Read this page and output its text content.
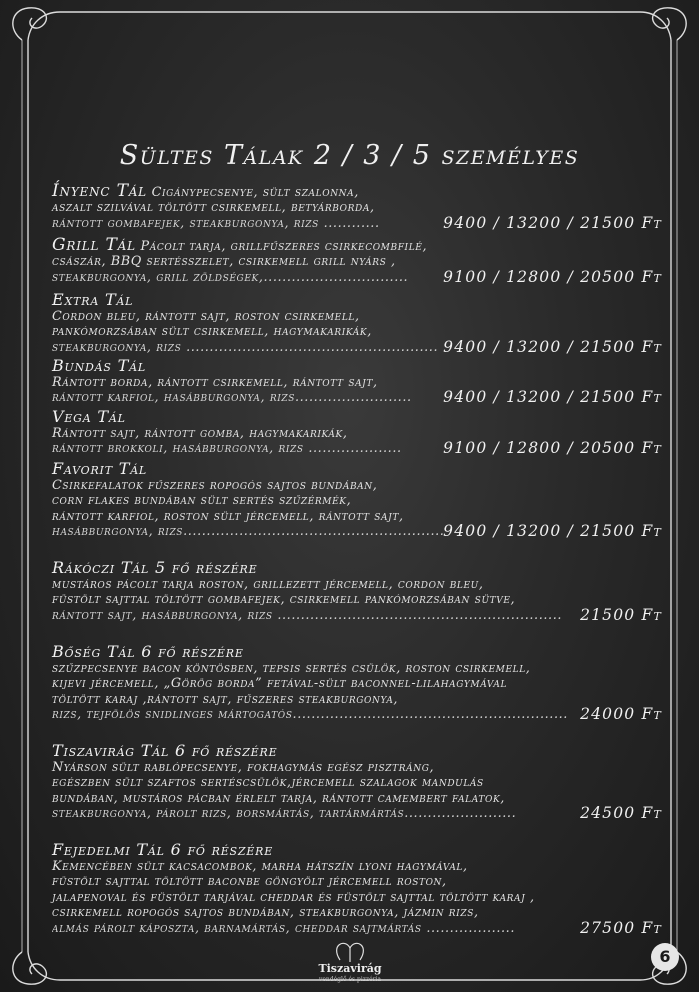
Sültes Tálak 2 / 3 / 5 személyes
Ínyenc Tál Cigánypecsenye, sült szalonna,
aszalt szilvával töltött csirkemell, betyárborda,
9400 / 13200 / 21500 Ft
rántott gombafejek, steakburgonya, rizs ............
Grill Tál Pácolt tarja, grillfűszeres csirkecombfilé,
császár, BBQ sertésszelet, csirkemell grill nyárs ,
9100 / 12800 / 20500 Ft
steakburgonya, grill zöldségek,...............................
Extra Tál
Cordon bleu, rántott sajt, roston csirkemell,
pankómorzsában sült csirkemell, hagymakarikák,
9400 / 13200 / 21500 Ft
steakburgonya, rizs ......................................................
Bundás Tál
Rántott borda, rántott csirkemell, rántott sajt,
9400 / 13200 / 21500 Ft
rántott karfiol, hasábburgonya, rizs.........................
Vega Tál
Rántott sajt, rántott gomba, hagymakarikák,
9100 / 12800 / 20500 Ft
rántott brokkoli, hasábburgonya, rizs ....................
Favorit Tál
Csirkefalatok fűszeres ropogós sajtos bundában,
corn flakes bundában sült sertés szűzérmék,
rántott karfiol, roston sült jércemell, rántott sajt,
9400 / 13200 / 21500 Ft
hasábburgonya, rizs........................................................
Rákóczi Tál 5 fő részére
mustáros pácolt tarja roston, grillezett jércemell, cordon bleu,
füstölt sajttal töltött gombafejek, csirkemell pankómorzsában sütve,
21500 Ft
rántott sajt, hasábburgonya, rizs .............................................................
Bőség Tál 6 fő részére
szűzpecsenye bacon köntösben, tepsis sertés csülök, roston csirkemell,
kijevi jércemell, „Görög borda” fetával-sült baconnel-lilahagymával
töltött karaj ,rántott sajt, fűszeres steakburgonya,
24000 Ft
rizs, tejfölös snidlinges mártogatós...........................................................
Tiszavirág Tál 6 fő részére
Nyárson sült rablópecsenye, fokhagymás egész pisztráng,
egészben sült szaftos sertéscsülök,jércemell szalagok mandulás
bundában, mustáros pácban érlelt tarja, rántott camembert falatok,
24500 Ft
steakburgonya, párolt rizs, borsmártás, tartármártás........................
Fejedelmi Tál 6 fő részére
Kemencében sült kacsacombok, marha hátszín lyoni hagymával,
füstölt sajttal töltött baconbe göngyölt jércemell roston,
jalapenoval és füstölt tarjával cheddar és füstölt sajttal töltött karaj ,
csirkemell ropogós sajtos bundában, steakburgonya, jázmin rizs,
27500 Ft
almás párolt káposzta, barnamártás, cheddar sajtmártás ...................
Tiszavirág
vendéglő és pizzéria
6
